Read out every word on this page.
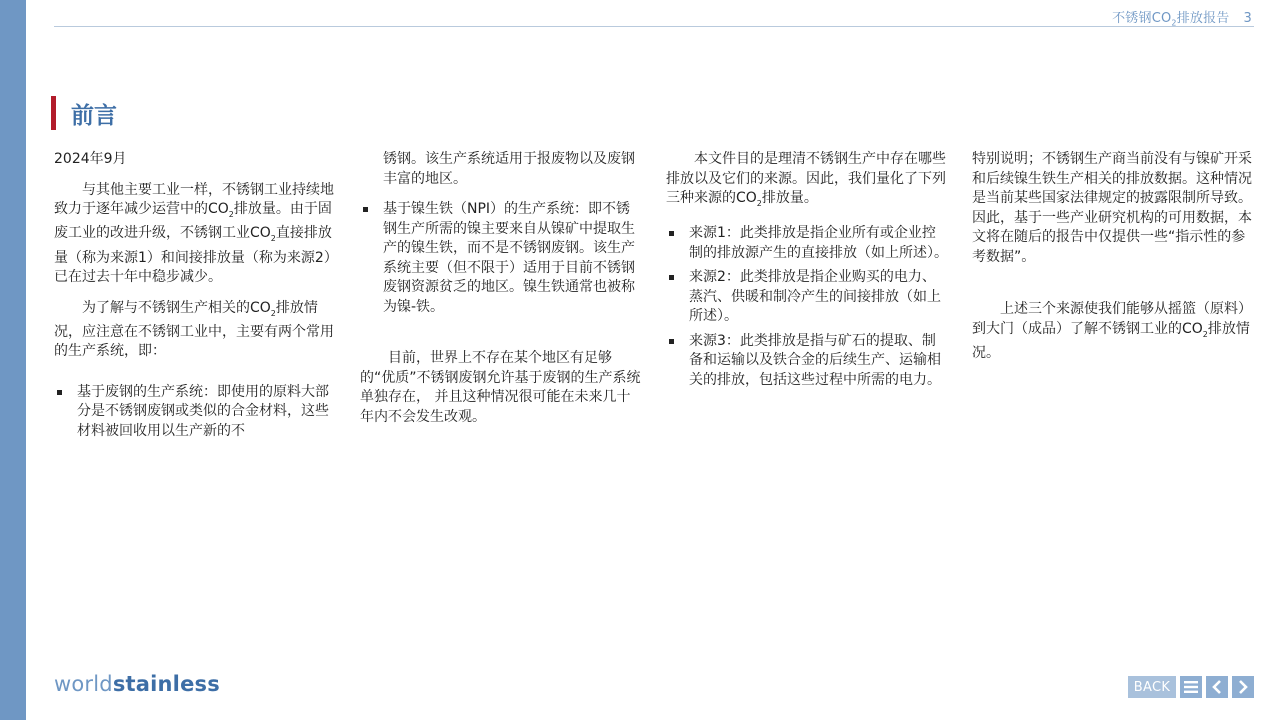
不锈钢$CO_2$排放报告 3
前言

2024年9月

与其他主要工业一样，不锈钢工业持续地致力于逐年减少运营中的$CO_2$排放量。由于固废工业的改进升级，不锈钢工业$CO_2$直接排放量（称为来源1）和间接排放量（称为来源2）已在过去十年中稳步减少。

为了解与不锈钢生产相关的$CO_2$排放情况，应注意在不锈钢工业中，主要有两个常用的生产系统，即：

基于废钢的生产系统：即使用的原料大部分是不锈钢废钢或类似的合金材料，这些材料被回收用以生产新的不

锈钢。该生产系统适用于报废物以及废钢丰富的地区。

基于镍生铁（NPI）的生产系统：即不锈钢生产所需的镍主要来自从镍矿中提取生产的镍生铁，而不是不锈钢废钢。该生产系统主要（但不限于）适用于目前不锈钢废钢资源贫乏的地区。镍生铁通常也被称为镍-铁。

目前，世界上不存在某个地区有足够的“优质”不锈钢废钢允许基于废钢的生产系统单独存在， 并且这种情况很可能在未来几十年内不会发生改观。

本文件目的是理清不锈钢生产中存在哪些排放以及它们的来源。因此，我们量化了下列三种来源的$CO_2$排放量。

来源1：此类排放是指企业所有或企业控制的排放源产生的直接排放（如上所述）。
来源2：此类排放是指企业购买的电力、蒸汽、供暖和制冷产生的间接排放（如上所述）。
来源3：此类排放是指与矿石的提取、制备和运输以及铁合金的后续生产、运输相关的排放，包括这些过程中所需的电力。

特别说明；不锈钢生产商当前没有与镍矿开采和后续镍生铁生产相关的排放数据。这种情况是当前某些国家法律规定的披露限制所导致。因此，基于一些产业研究机构的可用数据，本文将在随后的报告中仅提供一些“指示性的参考数据”。

上述三个来源使我们能够从摇篮（原料）到大门（成品）了解不锈钢工业的$CO_2$排放情况。

worldstainless	BACK
